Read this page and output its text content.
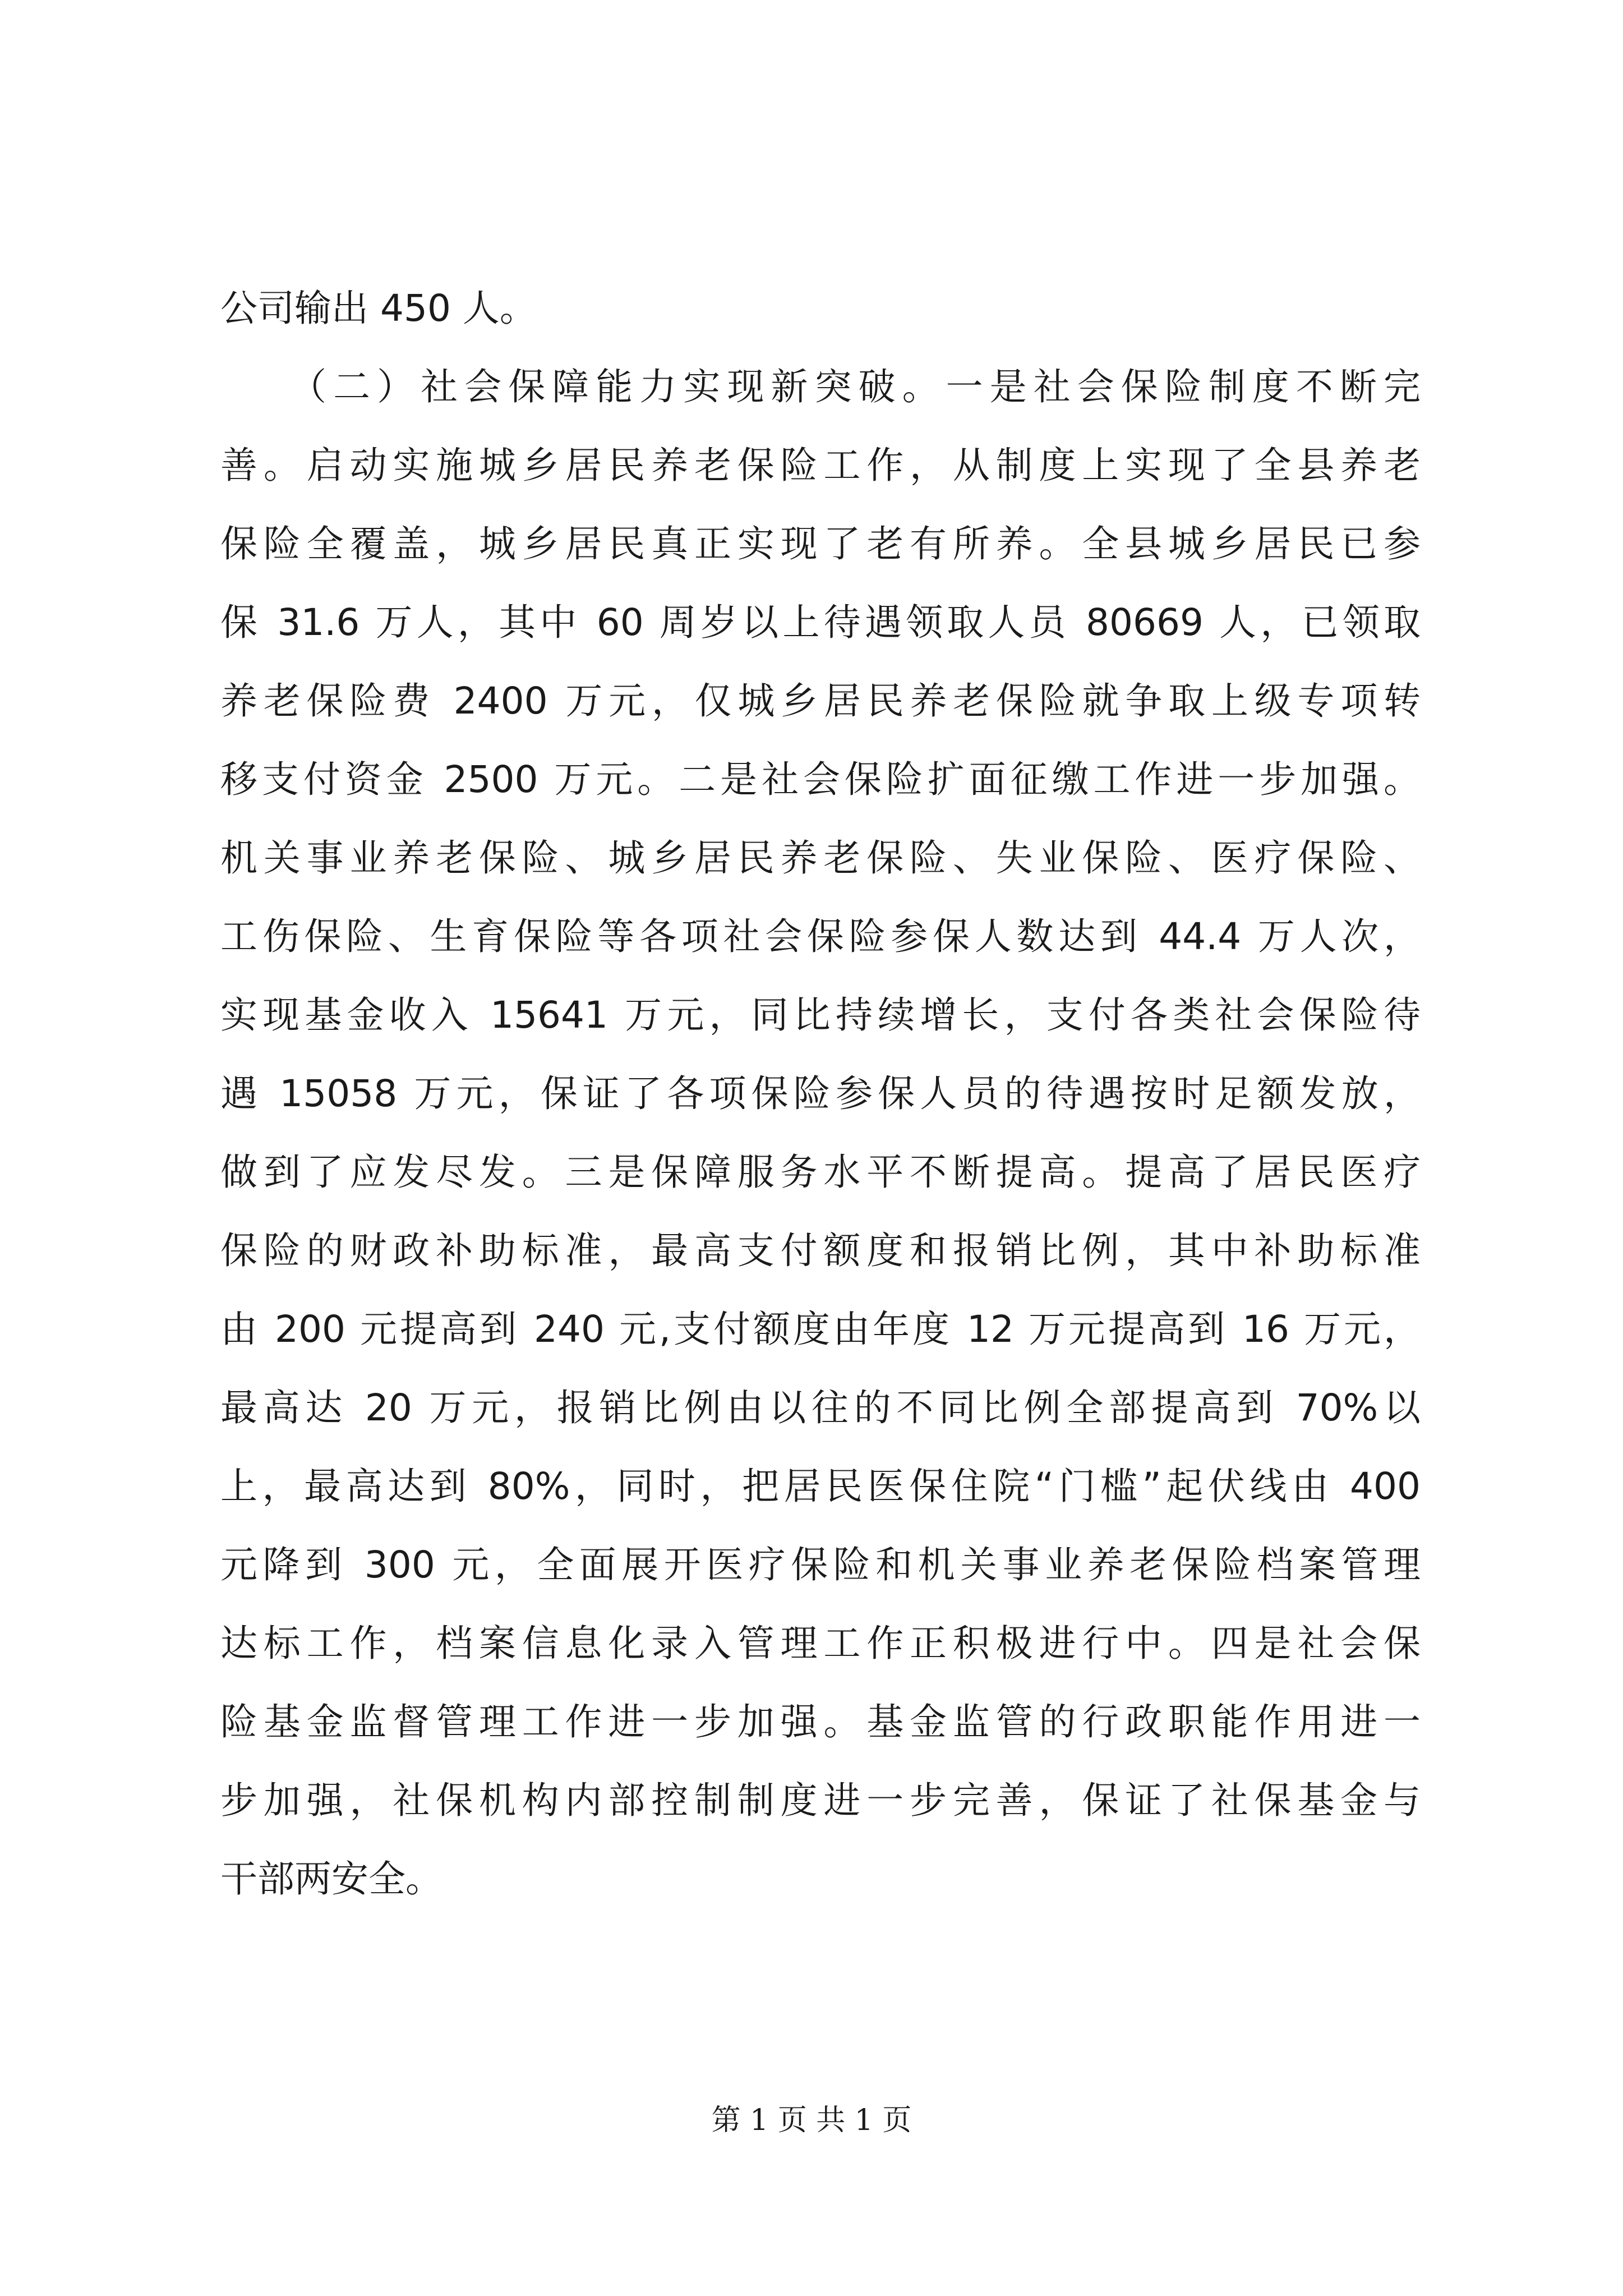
公司输出 450 人。
　　（二）社会保障能力实现新突破。一是社会保险制度不断完
善。启动实施城乡居民养老保险工作，从制度上实现了全县养老
保险全覆盖，城乡居民真正实现了老有所养。全县城乡居民已参
保 31.6 万人，其中 60 周岁以上待遇领取人员 80669 人，已领取
养老保险费 2400 万元，仅城乡居民养老保险就争取上级专项转
移支付资金 2500 万元。二是社会保险扩面征缴工作进一步加强。
机关事业养老保险、城乡居民养老保险、失业保险、医疗保险、
工伤保险、生育保险等各项社会保险参保人数达到 44.4 万人次，
实现基金收入 15641 万元，同比持续增长，支付各类社会保险待
遇 15058 万元，保证了各项保险参保人员的待遇按时足额发放，
做到了应发尽发。三是保障服务水平不断提高。提高了居民医疗
保险的财政补助标准，最高支付额度和报销比例，其中补助标准
由 200 元提高到 240 元,支付额度由年度 12 万元提高到 16 万元，
最高达 20 万元，报销比例由以往的不同比例全部提高到 70%以
上，最高达到 80%，同时，把居民医保住院“门槛”起伏线由 400
元降到 300 元，全面展开医疗保险和机关事业养老保险档案管理
达标工作，档案信息化录入管理工作正积极进行中。四是社会保
险基金监督管理工作进一步加强。基金监管的行政职能作用进一
步加强，社保机构内部控制制度进一步完善，保证了社保基金与
干部两安全。
第 1 页 共 1 页
